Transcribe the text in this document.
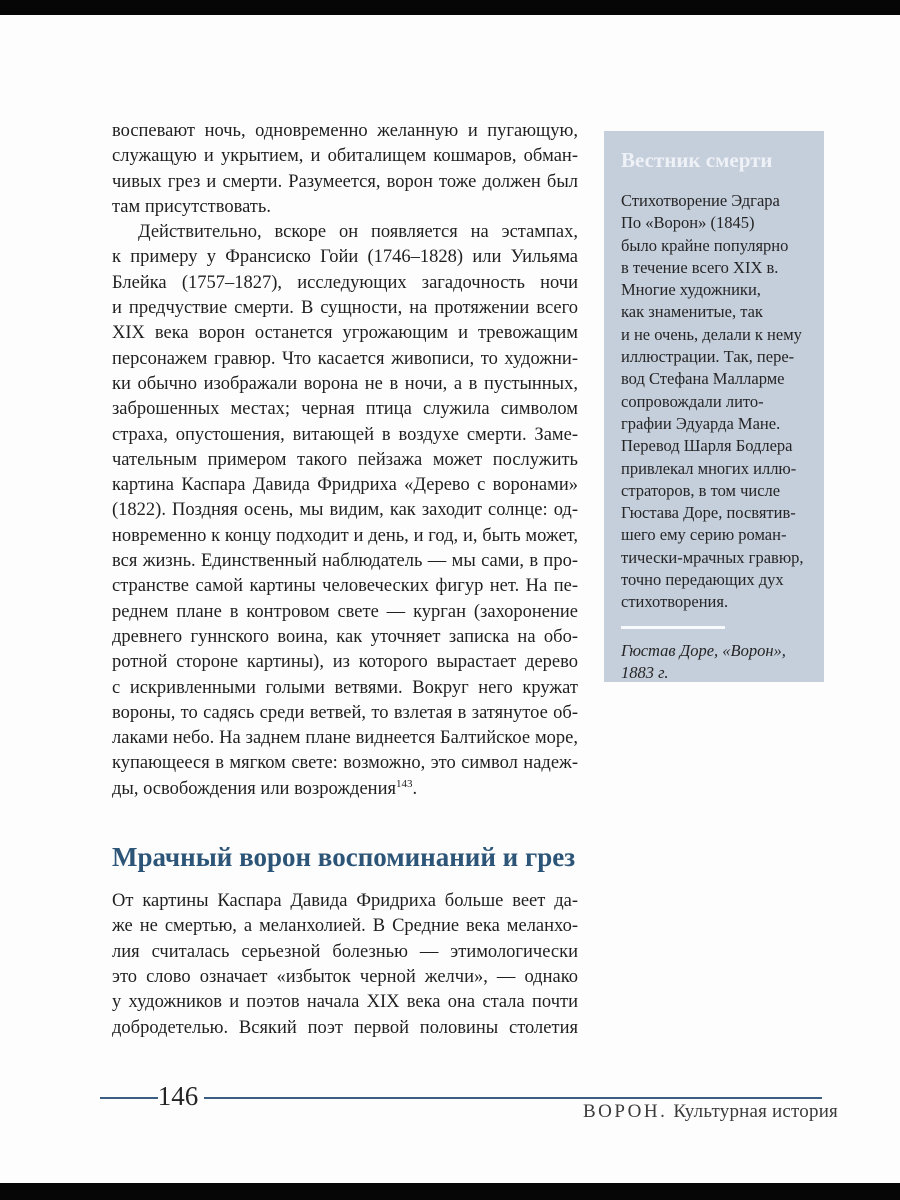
воспевают ночь, одновременно желанную и пугающую,
служащую и укрытием, и обиталищем кошмаров, обман-
чивых грез и смерти. Разумеется, ворон тоже должен был
там присутствовать.
Действительно, вскоре он появляется на эстампах,
к примеру у Франсиско Гойи (1746–1828) или Уильяма
Блейка (1757–1827), исследующих загадочность ночи
и предчуствие смерти. В сущности, на протяжении всего
XIX века ворон останется угрожающим и тревожащим
персонажем гравюр. Что касается живописи, то художни-
ки обычно изображали ворона не в ночи, а в пустынных,
заброшенных местах; черная птица служила символом
страха, опустошения, витающей в воздухе смерти. Заме-
чательным примером такого пейзажа может послужить
картина Каспара Давида Фридриха «Дерево с воронами»
(1822). Поздняя осень, мы видим, как заходит солнце: од-
новременно к концу подходит и день, и год, и, быть может,
вся жизнь. Единственный наблюдатель — мы сами, в про-
странстве самой картины человеческих фигур нет. На пе-
реднем плане в контровом свете — курган (захоронение
древнего гуннского воина, как уточняет записка на обо-
ротной стороне картины), из которого вырастает дерево
с искривленными голыми ветвями. Вокруг него кружат
вороны, то садясь среди ветвей, то взлетая в затянутое об-
лаками небо. На заднем плане виднеется Балтийское море,
купающееся в мягком свете: возможно, это символ надеж-
ды, освобождения или возрождения$^{143}$.
Мрачный ворон воспоминаний и грез
От картины Каспара Давида Фридриха больше веет да-
же не смертью, а меланхолией. В Средние века меланхо-
лия считалась серьезной болезнью — этимологически
это слово означает «избыток черной желчи», — однако
у художников и поэтов начала XIX века она стала почти
добродетелью. Всякий поэт первой половины столетия
Вестник смерти
Стихотворение Эдгара
По «Ворон» (1845)
было крайне популярно
в течение всего XIX в.
Многие художники,
как знаменитые, так
и не очень, делали к нему
иллюстрации. Так, пере-
вод Стефана Малларме
сопровождали лито-
графии Эдуарда Мане.
Перевод Шарля Бодлера
привлекал многих иллю-
страторов, в том числе
Гюстава Доре, посвятив-
шего ему серию роман-
тически-мрачных гравюр,
точно передающих дух
стихотворения.
Гюстав Доре, «Ворон»,
1883 г.
146
ВОРОН. Культурная история
